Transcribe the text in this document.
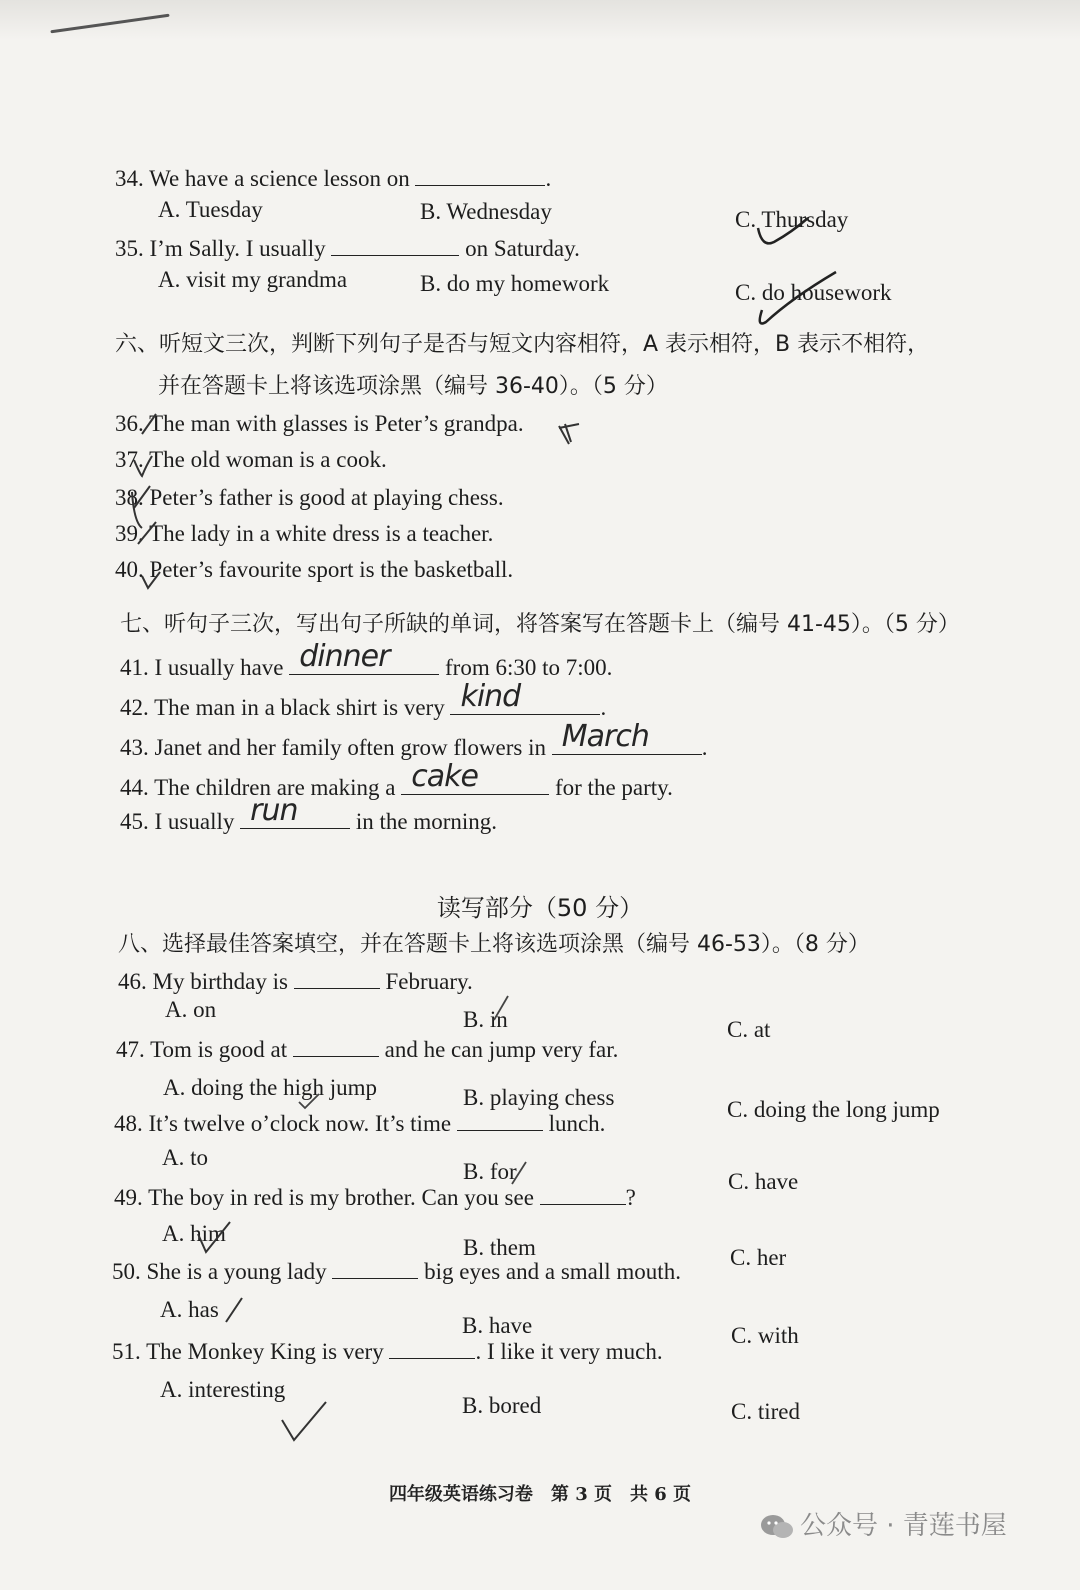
34. We have a science lesson on	.
A. Tuesday	B. Wednesday	C. Thursday
35. I’m Sally. I usually	on Saturday.
A. visit my grandma	B. do my homework	C. do housework
六、听短文三次，判断下列句子是否与短文内容相符，A 表示相符，B 表示不相符，
并在答题卡上将该选项涂黑（编号 36-40）。（5 分）
36. The man with glasses is Peter’s grandpa.
37. The old woman is a cook.
38. Peter’s father is good at playing chess.
39. The lady in a white dress is a teacher.
40. Peter’s favourite sport is the basketball.
七、听句子三次，写出句子所缺的单词，将答案写在答题卡上（编号 41-45）。（5 分）
41. I usually have dinner from 6:30 to 7:00.
42. The man in a black shirt is very kind	.
43. Janet and her family often grow flowers in March .
44. The children are making a cake	for the party.
45. I usually run	in the morning.
读写部分（50 分）
八、选择最佳答案填空，并在答题卡上将该选项涂黑（编号 46-53）。（8 分）
46. My birthday is	February.
A. on	B. in	C. at
47. Tom is good at	and he can jump very far.
A. doing the high jump	B. playing chess	C. doing the long jump
48. It’s twelve o’clock now. It’s time	lunch.
A. to
B. for	C. have
49. The boy in red is my brother. Can you see	?
A. him
B. them	C. her
50. She is a young lady	big eyes and a small mouth.
A. has
B. have	C. with
51. The Monkey King is very	. I like it very much.
A. interesting
B. bored	C. tired
四年级英语练习卷　第 3 页　共 6 页
公众号 · 青莲书屋
